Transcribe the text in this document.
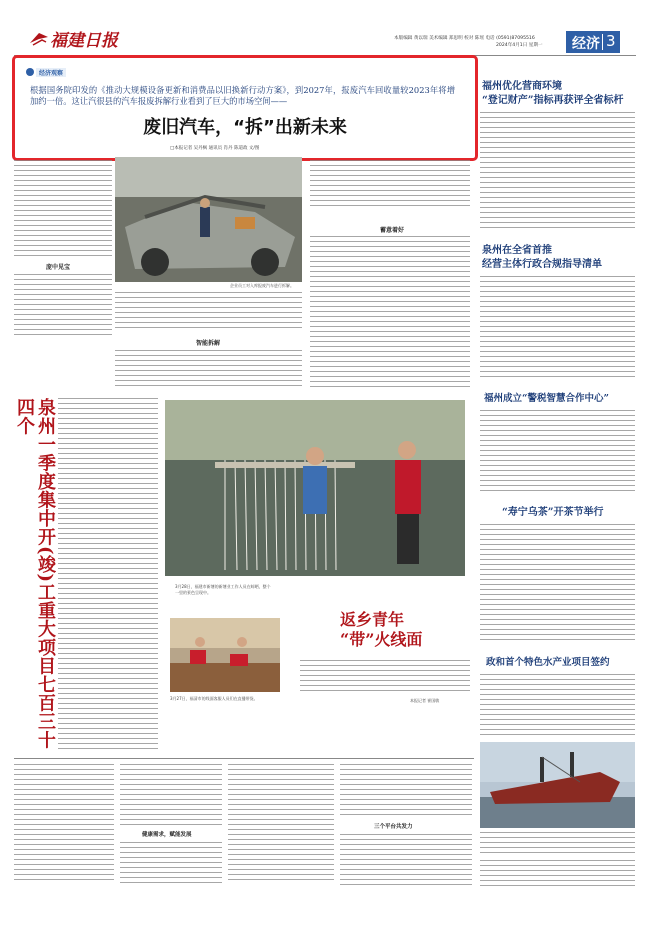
福建日报	本版编辑 黄以瑞 美术编辑 郑思明 校对 陈瑶 电话 (0591)87095516
2024年4月1日 星期一 经济 3
经济观察
根据国务院印发的《推动大规模设备更新和消费品以旧换新行动方案》，到2027年，报废汽车回收量较2023年将增加约一倍。这让汽很县的汽车报废拆解行业看到了巨大的市场空间——
废旧汽车，“拆”出新未来
□本报记者 吴丹枫 通讯员 肖丹 陈道政 文/图
庞中见宝
企业员工对入库报废汽车进行拆解。
蓄意着好
智能拆解
福州优化营商环境
“登记财产”指标再获评全省标杆
泉州在全省首推
经营主体行政合规指导清单
福州成立“警税智慧合作中心”
“寿宁乌茶”开茶节举行
政和首个特色水产业项目签约
泉州一季度集中开(竣)工重大项目七百三十四个
3月28日，福建市新塘的新塘业工作人员在晾晒，整个一里的景色呈现中。
3月27日，福清市的线面客服人员们在直播带货。
返乡青年
“带”火线面
本报记者 崔国敏
健康需求，赋能发展
三个平台共发力
